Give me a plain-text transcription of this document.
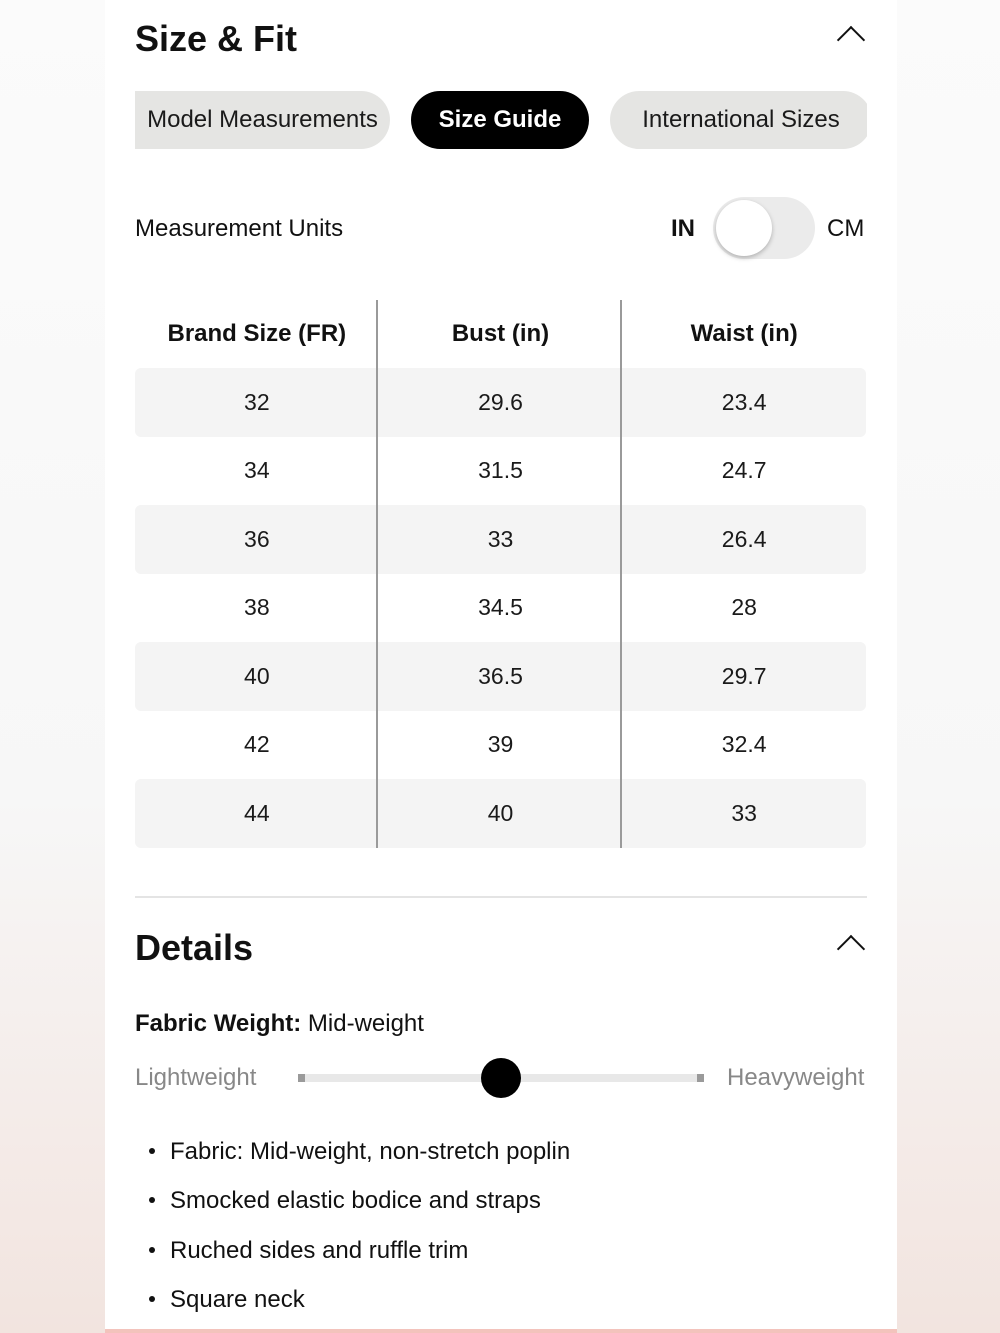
Size & Fit
Model Measurements	Size Guide	International Sizes
Measurement Units	IN	CM
Brand Size (FR)	Bust (in)	Waist (in)
32	29.6	23.4
34	31.5	24.7
36	33	26.4
38	34.5	28
40	36.5	29.7
42	39	32.4
44	40	33
Details
Fabric Weight: Mid-weight
Lightweight	Heavyweight
Fabric: Mid-weight, non-stretch poplin
Smocked elastic bodice and straps
Ruched sides and ruffle trim
Square neck
